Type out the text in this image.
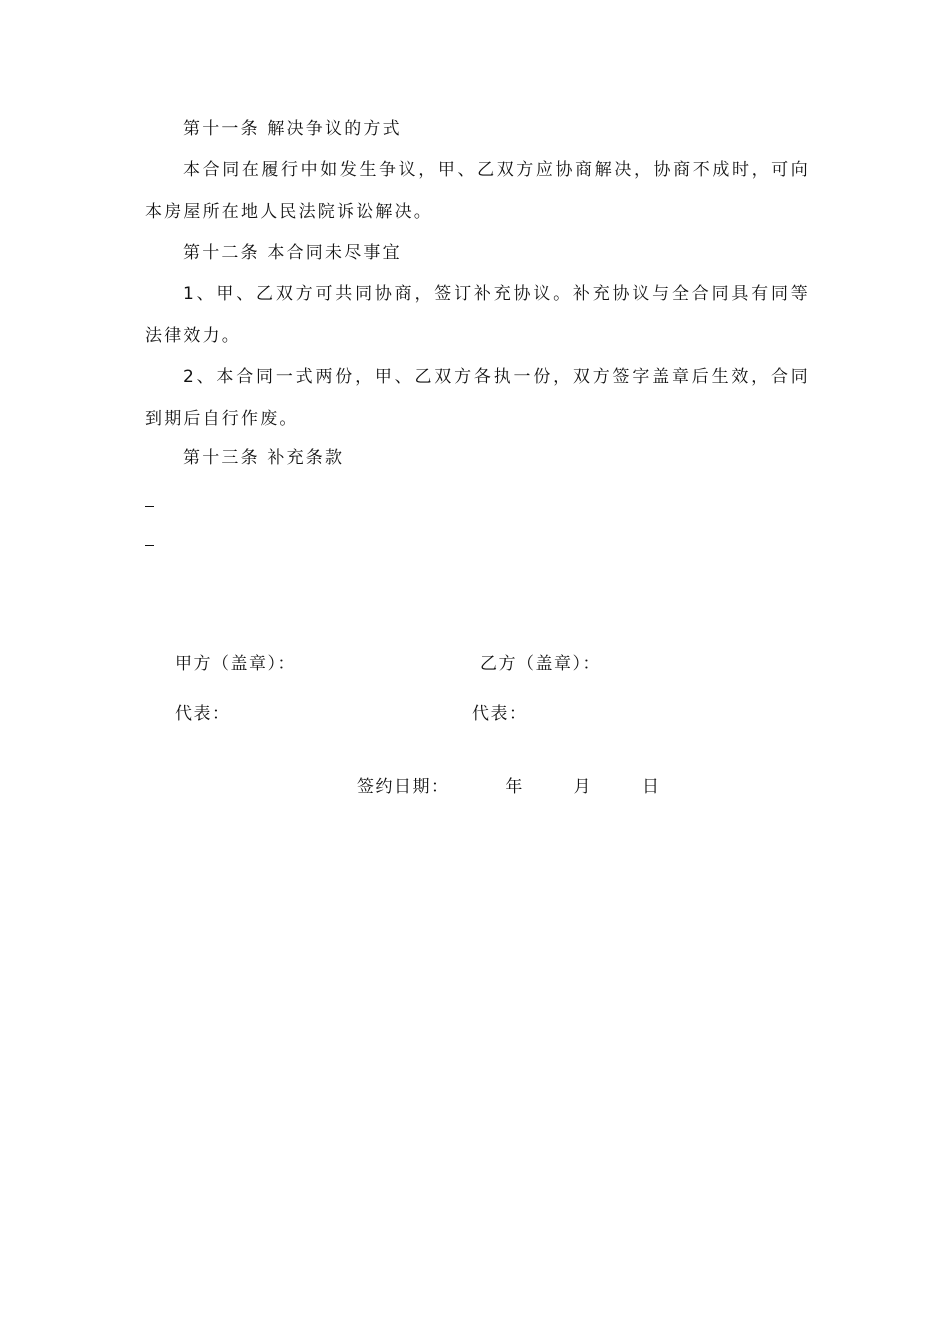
第十一条 解决争议的方式

本合同在履行中如发生争议，甲、乙双方应协商解决，协商不成时，可向本房屋所在地人民法院诉讼解决。

第十二条 本合同未尽事宜

1、甲、乙双方可共同协商，签订补充协议。补充协议与全合同具有同等法律效力。

2、本合同一式两份，甲、乙双方各执一份，双方签字盖章后生效，合同到期后自行作废。

第十三条 补充条款

甲方（盖章）：	乙方（盖章）：

代表：	代表：

签约日期：	年	月	日
